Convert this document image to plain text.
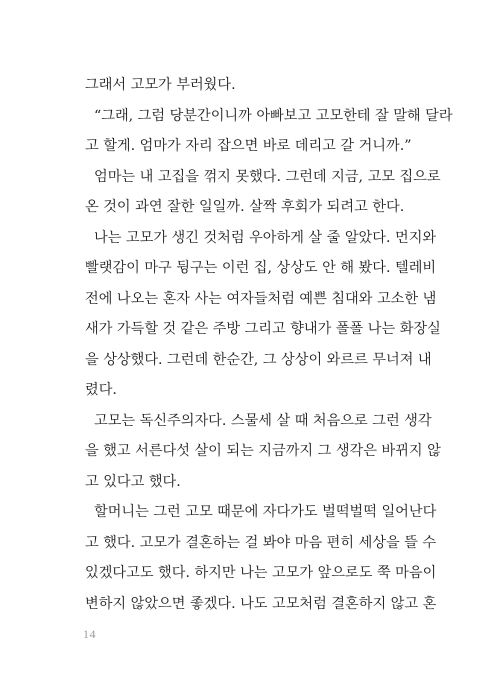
그래서 고모가 부러웠다.
“그래, 그럼 당분간이니까 아빠보고 고모한테 잘 말해 달라
고 할게. 엄마가 자리 잡으면 바로 데리고 갈 거니까.”
엄마는 내 고집을 꺾지 못했다. 그런데 지금, 고모 집으로
온 것이 과연 잘한 일일까. 살짝 후회가 되려고 한다.
나는 고모가 생긴 것처럼 우아하게 살 줄 알았다. 먼지와
빨랫감이 마구 뒹구는 이런 집, 상상도 안 해 봤다. 텔레비
전에 나오는 혼자 사는 여자들처럼 예쁜 침대와 고소한 냄
새가 가득할 것 같은 주방 그리고 향내가 폴폴 나는 화장실
을 상상했다. 그런데 한순간, 그 상상이 와르르 무너져 내
렸다.
고모는 독신주의자다. 스물세 살 때 처음으로 그런 생각
을 했고 서른다섯 살이 되는 지금까지 그 생각은 바뀌지 않
고 있다고 했다.
할머니는 그런 고모 때문에 자다가도 벌떡벌떡 일어난다
고 했다. 고모가 결혼하는 걸 봐야 마음 편히 세상을 뜰 수
있겠다고도 했다. 하지만 나는 고모가 앞으로도 쭉 마음이
변하지 않았으면 좋겠다. 나도 고모처럼 결혼하지 않고 혼
14
